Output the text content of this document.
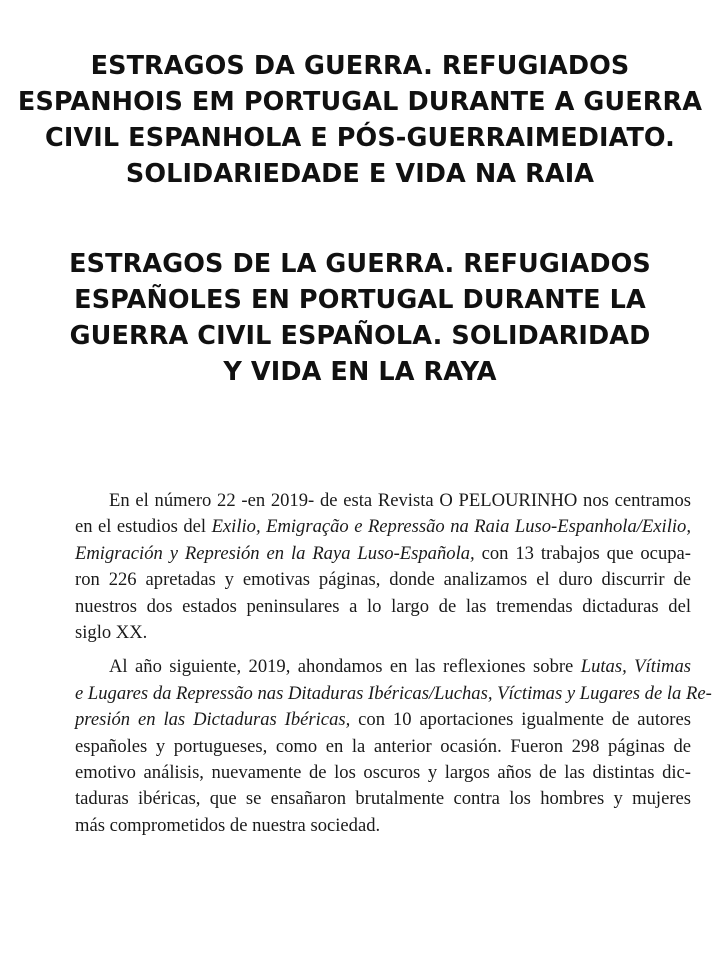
ESTRAGOS DA GUERRA. REFUGIADOS
ESPANHOIS EM PORTUGAL DURANTE A GUERRA
CIVIL ESPANHOLA E PÓS-GUERRAIMEDIATO.
SOLIDARIEDADE E VIDA NA RAIA
ESTRAGOS DE LA GUERRA. REFUGIADOS
ESPAÑOLES EN PORTUGAL DURANTE LA
GUERRA CIVIL ESPAÑOLA. SOLIDARIDAD
Y VIDA EN LA RAYA
En el número 22 -en 2019- de esta Revista O PELOURINHO nos centramos
en el estudios del Exilio, Emigração e Repressão na Raia Luso-Espanhola/Exilio,
Emigración y Represión en la Raya Luso-Española, con 13 trabajos que ocupa-
ron 226 apretadas y emotivas páginas, donde analizamos el duro discurrir de
nuestros dos estados peninsulares a lo largo de las tremendas dictaduras del
siglo XX.
Al año siguiente, 2019, ahondamos en las reflexiones sobre Lutas, Vítimas
e Lugares da Repressão nas Ditaduras Ibéricas/Luchas, Víctimas y Lugares de la Re-
presión en las Dictaduras Ibéricas, con 10 aportaciones igualmente de autores
españoles y portugueses, como en la anterior ocasión. Fueron 298 páginas de
emotivo análisis, nuevamente de los oscuros y largos años de las distintas dic-
taduras ibéricas, que se ensañaron brutalmente contra los hombres y mujeres
más comprometidos de nuestra sociedad.
